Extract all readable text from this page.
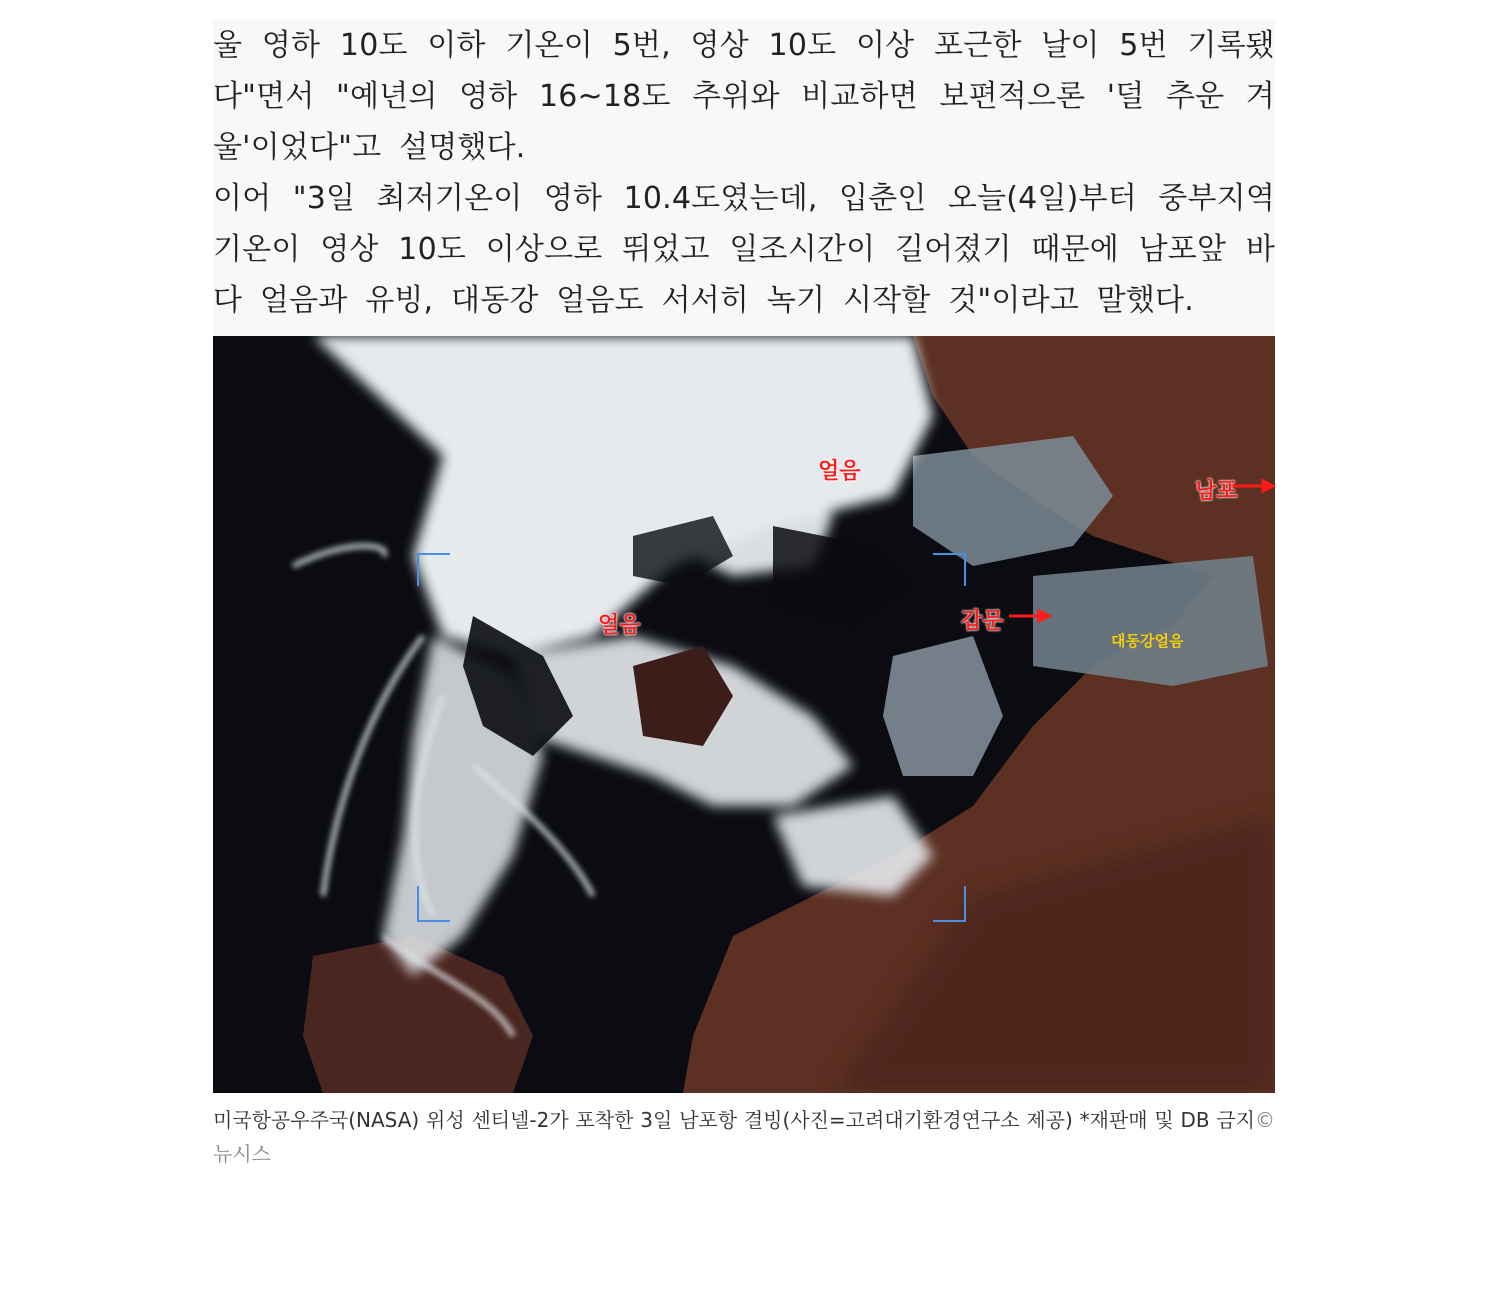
울 영하 10도 이하 기온이 5번, 영상 10도 이상 포근한 날이 5번 기록됐다"면서 "예년의 영하 16~18도 추위와 비교하면 보편적으론 '덜 추운 겨울'이었다"고 설명했다.

이어 "3일 최저기온이 영하 10.4도였는데, 입춘인 오늘(4일)부터 중부지역 기온이 영상 10도 이상으로 뛰었고 일조시간이 길어졌기 때문에 남포앞 바다 얼음과 유빙, 대동강 얼음도 서서히 녹기 시작할 것"이라고 말했다.

얼음
얼음
남포
갑문
대동강얼음
미국항공우주국(NASA) 위성 센티넬-2가 포착한 3일 남포항 결빙(사진=고려대기환경연구소 제공) *재판매 및 DB 금지© 뉴시스
